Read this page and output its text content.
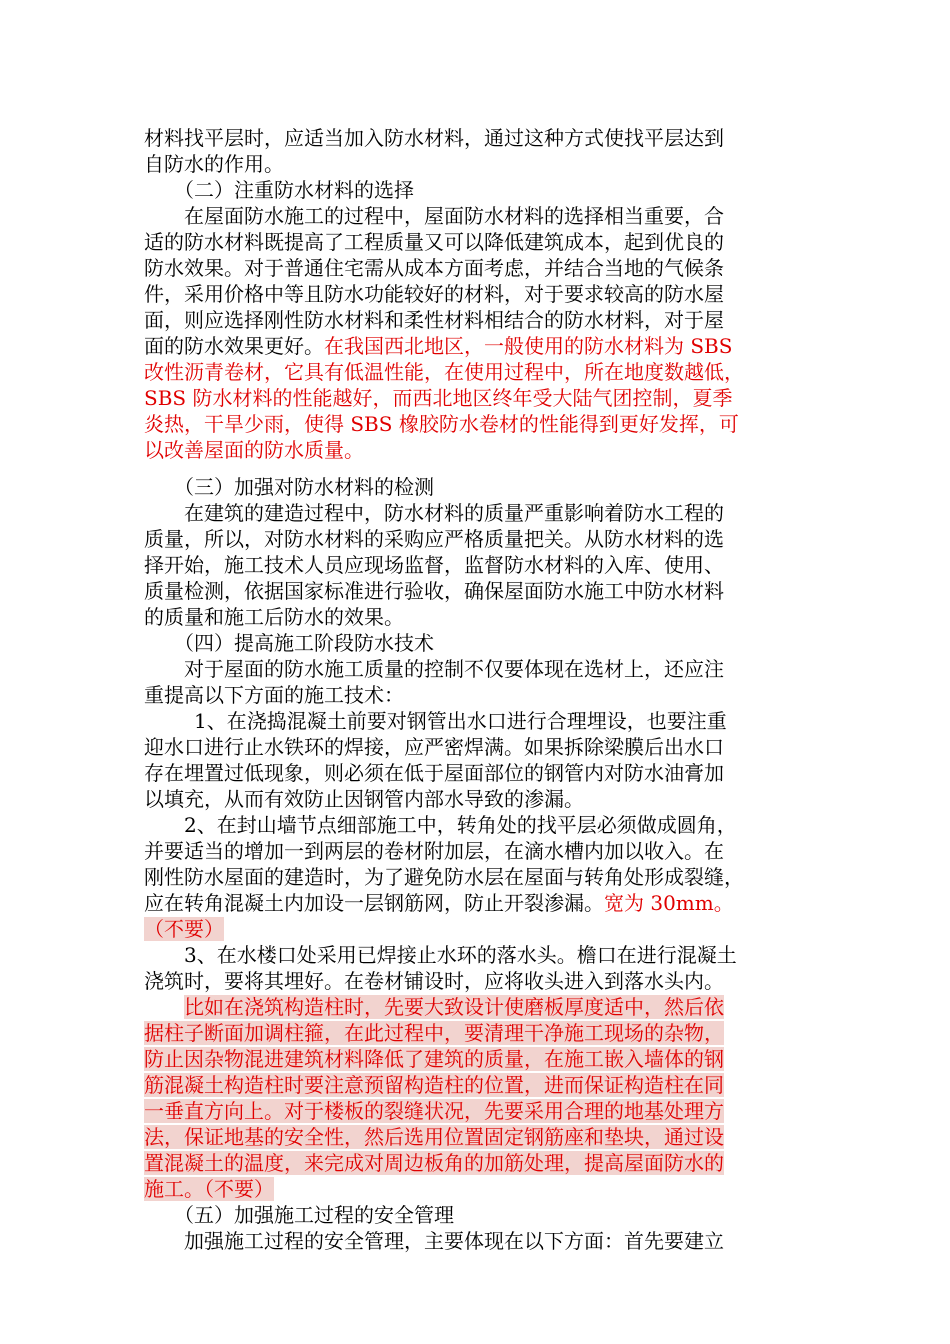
材料找平层时，应适当加入防水材料，通过这种方式使找平层达到
自防水的作用。
（二）注重防水材料的选择
在屋面防水施工的过程中，屋面防水材料的选择相当重要，合
适的防水材料既提高了工程质量又可以降低建筑成本，起到优良的
防水效果。对于普通住宅需从成本方面考虑，并结合当地的气候条
件，采用价格中等且防水功能较好的材料，对于要求较高的防水屋
面，则应选择刚性防水材料和柔性材料相结合的防水材料，对于屋
面的防水效果更好。在我国西北地区，一般使用的防水材料为 SBS
改性沥青卷材，它具有低温性能，在使用过程中，所在地度数越低，
SBS 防水材料的性能越好，而西北地区终年受大陆气团控制，夏季
炎热，干旱少雨，使得 SBS 橡胶防水卷材的性能得到更好发挥，可
以改善屋面的防水质量。
（三）加强对防水材料的检测
在建筑的建造过程中，防水材料的质量严重影响着防水工程的
质量，所以，对防水材料的采购应严格质量把关。从防水材料的选
择开始，施工技术人员应现场监督，监督防水材料的入库、使用、
质量检测，依据国家标准进行验收，确保屋面防水施工中防水材料
的质量和施工后防水的效果。
（四）提高施工阶段防水技术
对于屋面的防水施工质量的控制不仅要体现在选材上，还应注
重提高以下方面的施工技术：
1、在浇捣混凝土前要对钢管出水口进行合理埋设，也要注重
迎水口进行止水铁环的焊接，应严密焊满。如果拆除梁膜后出水口
存在埋置过低现象，则必须在低于屋面部位的钢管内对防水油膏加
以填充，从而有效防止因钢管内部水导致的渗漏。
2、在封山墙节点细部施工中，转角处的找平层必须做成圆角，
并要适当的增加一到两层的卷材附加层，在滴水槽内加以收入。在
刚性防水屋面的建造时，为了避免防水层在屋面与转角处形成裂缝，
应在转角混凝土内加设一层钢筋网，防止开裂渗漏。宽为 30mm。
（不要）
3、在水楼口处采用已焊接止水环的落水头。檐口在进行混凝土
浇筑时，要将其埋好。在卷材铺设时，应将收头进入到落水头内。
比如在浇筑构造柱时，先要大致设计使磨板厚度适中，然后依
据柱子断面加调柱箍，在此过程中，要清理干净施工现场的杂物，
防止因杂物混进建筑材料降低了建筑的质量，在施工嵌入墙体的钢
筋混凝土构造柱时要注意预留构造柱的位置，进而保证构造柱在同
一垂直方向上。对于楼板的裂缝状况，先要采用合理的地基处理方
法，保证地基的安全性，然后选用位置固定钢筋座和垫块，通过设
置混凝土的温度，来完成对周边板角的加筋处理，提高屋面防水的
施工。（不要）
（五）加强施工过程的安全管理
加强施工过程的安全管理，主要体现在以下方面：首先要建立
